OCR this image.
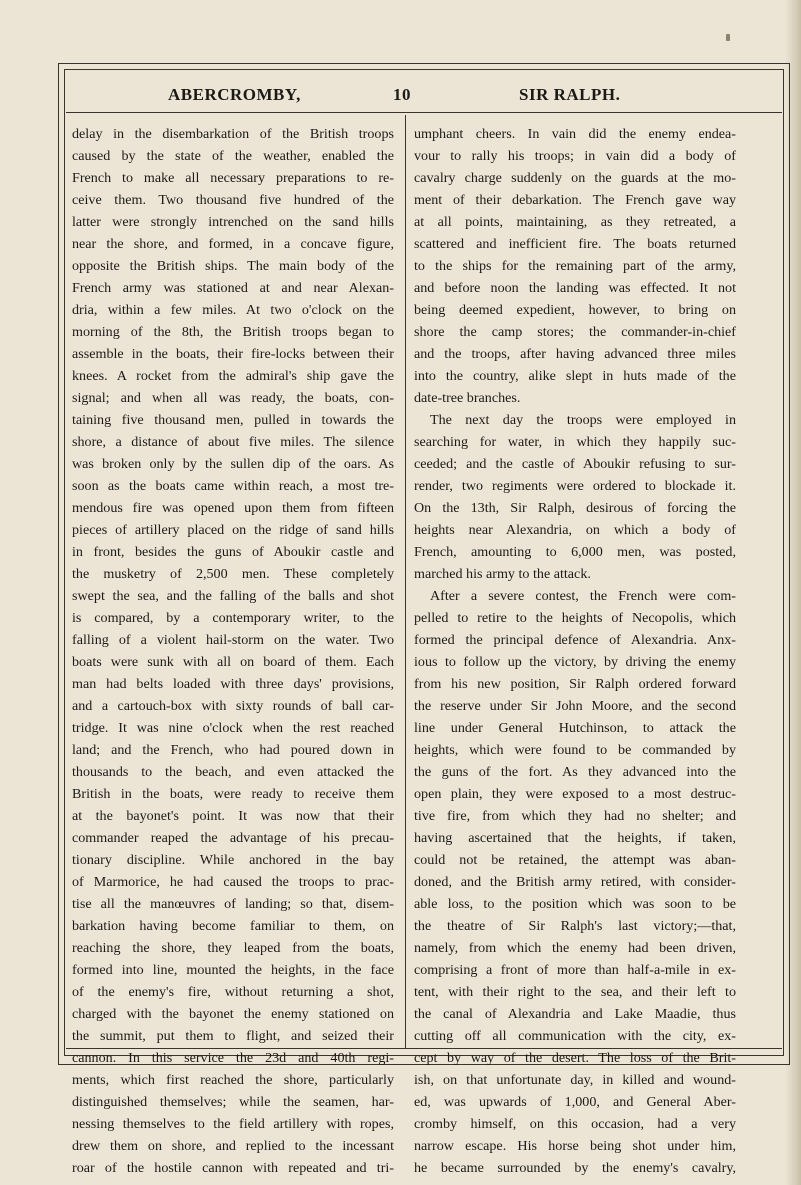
ABERCROMBY,	10	SIR RALPH.
delay in the disembarkation of the British troops
caused by the state of the weather, enabled the
French to make all necessary preparations to re-
ceive them. Two thousand five hundred of the
latter were strongly intrenched on the sand hills
near the shore, and formed, in a concave figure,
opposite the British ships. The main body of the
French army was stationed at and near Alexan-
dria, within a few miles. At two o'clock on the
morning of the 8th, the British troops began to
assemble in the boats, their fire-locks between their
knees. A rocket from the admiral's ship gave the
signal; and when all was ready, the boats, con-
taining five thousand men, pulled in towards the
shore, a distance of about five miles. The silence
was broken only by the sullen dip of the oars. As
soon as the boats came within reach, a most tre-
mendous fire was opened upon them from fifteen
pieces of artillery placed on the ridge of sand hills
in front, besides the guns of Aboukir castle and
the musketry of 2,500 men. These completely
swept the sea, and the falling of the balls and shot
is compared, by a contemporary writer, to the
falling of a violent hail-storm on the water. Two
boats were sunk with all on board of them. Each
man had belts loaded with three days' provisions,
and a cartouch-box with sixty rounds of ball car-
tridge. It was nine o'clock when the rest reached
land; and the French, who had poured down in
thousands to the beach, and even attacked the
British in the boats, were ready to receive them
at the bayonet's point. It was now that their
commander reaped the advantage of his precau-
tionary discipline. While anchored in the bay
of Marmorice, he had caused the troops to prac-
tise all the manœuvres of landing; so that, disem-
barkation having become familiar to them, on
reaching the shore, they leaped from the boats,
formed into line, mounted the heights, in the face
of the enemy's fire, without returning a shot,
charged with the bayonet the enemy stationed on
the summit, put them to flight, and seized their
cannon. In this service the 23d and 40th regi-
ments, which first reached the shore, particularly
distinguished themselves; while the seamen, har-
nessing themselves to the field artillery with ropes,
drew them on shore, and replied to the incessant
roar of the hostile cannon with repeated and tri-
umphant cheers. In vain did the enemy endea-
vour to rally his troops; in vain did a body of
cavalry charge suddenly on the guards at the mo-
ment of their debarkation. The French gave way
at all points, maintaining, as they retreated, a
scattered and inefficient fire. The boats returned
to the ships for the remaining part of the army,
and before noon the landing was effected. It not
being deemed expedient, however, to bring on
shore the camp stores; the commander-in-chief
and the troops, after having advanced three miles
into the country, alike slept in huts made of the
date-tree branches.
The next day the troops were employed in
searching for water, in which they happily suc-
ceeded; and the castle of Aboukir refusing to sur-
render, two regiments were ordered to blockade it.
On the 13th, Sir Ralph, desirous of forcing the
heights near Alexandria, on which a body of
French, amounting to 6,000 men, was posted,
marched his army to the attack.
After a severe contest, the French were com-
pelled to retire to the heights of Necopolis, which
formed the principal defence of Alexandria. Anx-
ious to follow up the victory, by driving the enemy
from his new position, Sir Ralph ordered forward
the reserve under Sir John Moore, and the second
line under General Hutchinson, to attack the
heights, which were found to be commanded by
the guns of the fort. As they advanced into the
open plain, they were exposed to a most destruc-
tive fire, from which they had no shelter; and
having ascertained that the heights, if taken,
could not be retained, the attempt was aban-
doned, and the British army retired, with consider-
able loss, to the position which was soon to be
the theatre of Sir Ralph's last victory;—that,
namely, from which the enemy had been driven,
comprising a front of more than half-a-mile in ex-
tent, with their right to the sea, and their left to
the canal of Alexandria and Lake Maadie, thus
cutting off all communication with the city, ex-
cept by way of the desert. The loss of the Brit-
ish, on that unfortunate day, in killed and wound-
ed, was upwards of 1,000, and General Aber-
cromby himself, on this occasion, had a very
narrow escape. His horse being shot under him,
he became surrounded by the enemy's cavalry,
